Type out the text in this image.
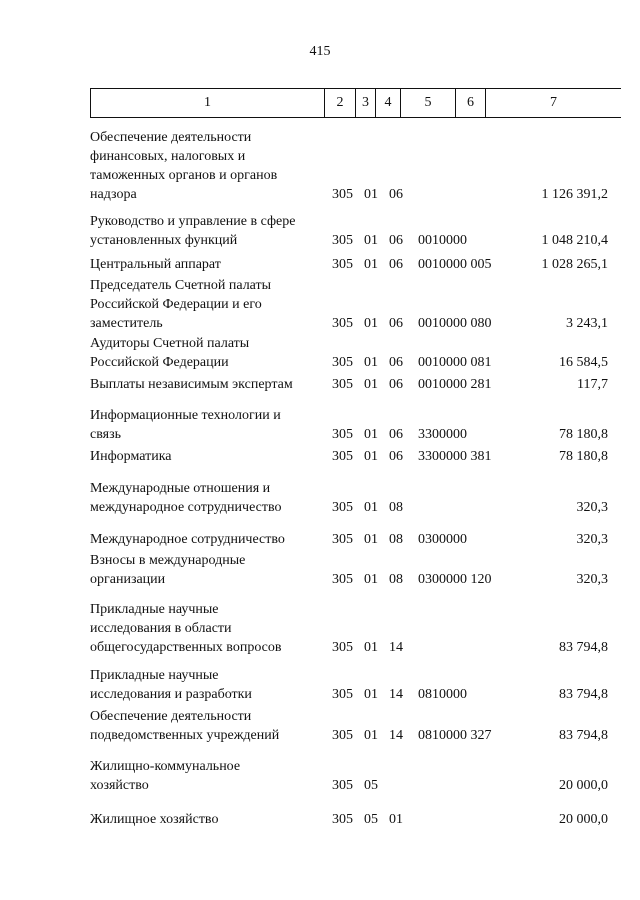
415
1	2	3	4	5	6	7
Обеспечение деятельности
финансовых, налоговых и
таможенных органов и органов
надзора	305 01 06	1 126 391,2
Руководство и управление в сфере
установленных функций	305 01 06 0010000	1 048 210,4
Центральный аппарат	305 01 06 0010000 005	1 028 265,1
Председатель Счетной палаты
Российской Федерации и его
заместитель	305 01 06 0010000 080	3 243,1
Аудиторы Счетной палаты
Российской Федерации	305 01 06 0010000 081	16 584,5
Выплаты независимым экспертам	305 01 06 0010000 281	117,7
Информационные технологии и
связь	305 01 06 3300000	78 180,8
Информатика	305 01 06 3300000 381	78 180,8
Международные отношения и
международное сотрудничество	305 01 08	320,3
Международное сотрудничество	305 01 08 0300000	320,3
Взносы в международные
организации	305 01 08 0300000 120	320,3
Прикладные научные
исследования в области
общегосударственных вопросов	305 01 14	83 794,8
Прикладные научные
исследования и разработки	305 01 14 0810000	83 794,8
Обеспечение деятельности
подведомственных учреждений	305 01 14 0810000 327	83 794,8
Жилищно-коммунальное
хозяйство	305 05	20 000,0
Жилищное хозяйство	305 05 01	20 000,0
